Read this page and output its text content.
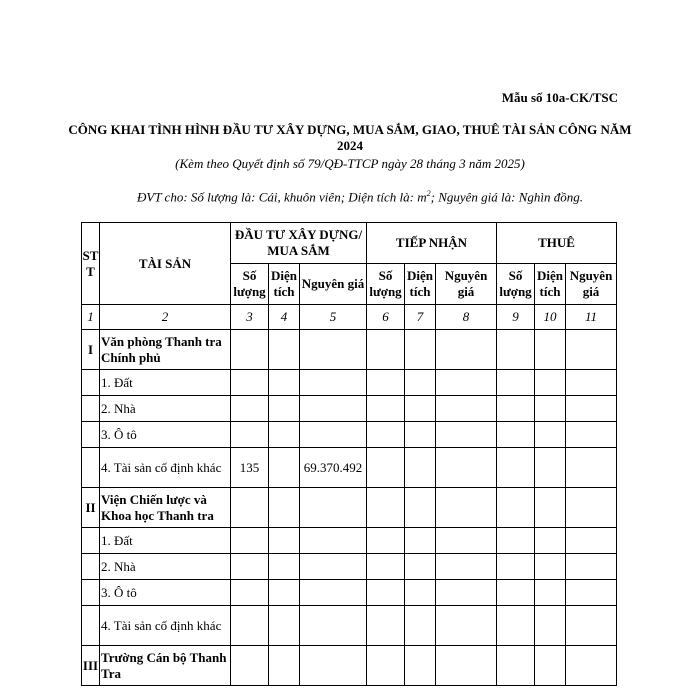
Mẫu số 10a-CK/TSC
CÔNG KHAI TÌNH HÌNH ĐẦU TƯ XÂY DỰNG, MUA SẮM, GIAO, THUÊ TÀI SẢN CÔNG NĂM 2024
(Kèm theo Quyết định số 79/QĐ-TTCP ngày 28 tháng 3 năm 2025)
ĐVT cho: Số lượng là: Cái, khuôn viên; Diện tích là: $m^2$; Nguyên giá là: Nghìn đồng.
STT	TÀI SẢN	ĐẦU TƯ XÂY DỰNG/ MUA SẮM			TIẾP NHẬN			THUÊ		
		Số lượng	Diện tích	Nguyên giá	Số lượng	Diện tích	Nguyên giá	Số lượng	Diện tích	Nguyên giá
1	2	3	4	5	6	7	8	9	10	11
I	Văn phòng Thanh tra Chính phủ									
	1. Đất									
	2. Nhà									
	3. Ô tô									
	4. Tài sản cố định khác	135		69.370.492						
II	Viện Chiến lược và Khoa học Thanh tra									
	1. Đất									
	2. Nhà									
	3. Ô tô									
	4. Tài sản cố định khác									
III	Trường Cán bộ Thanh Tra									
